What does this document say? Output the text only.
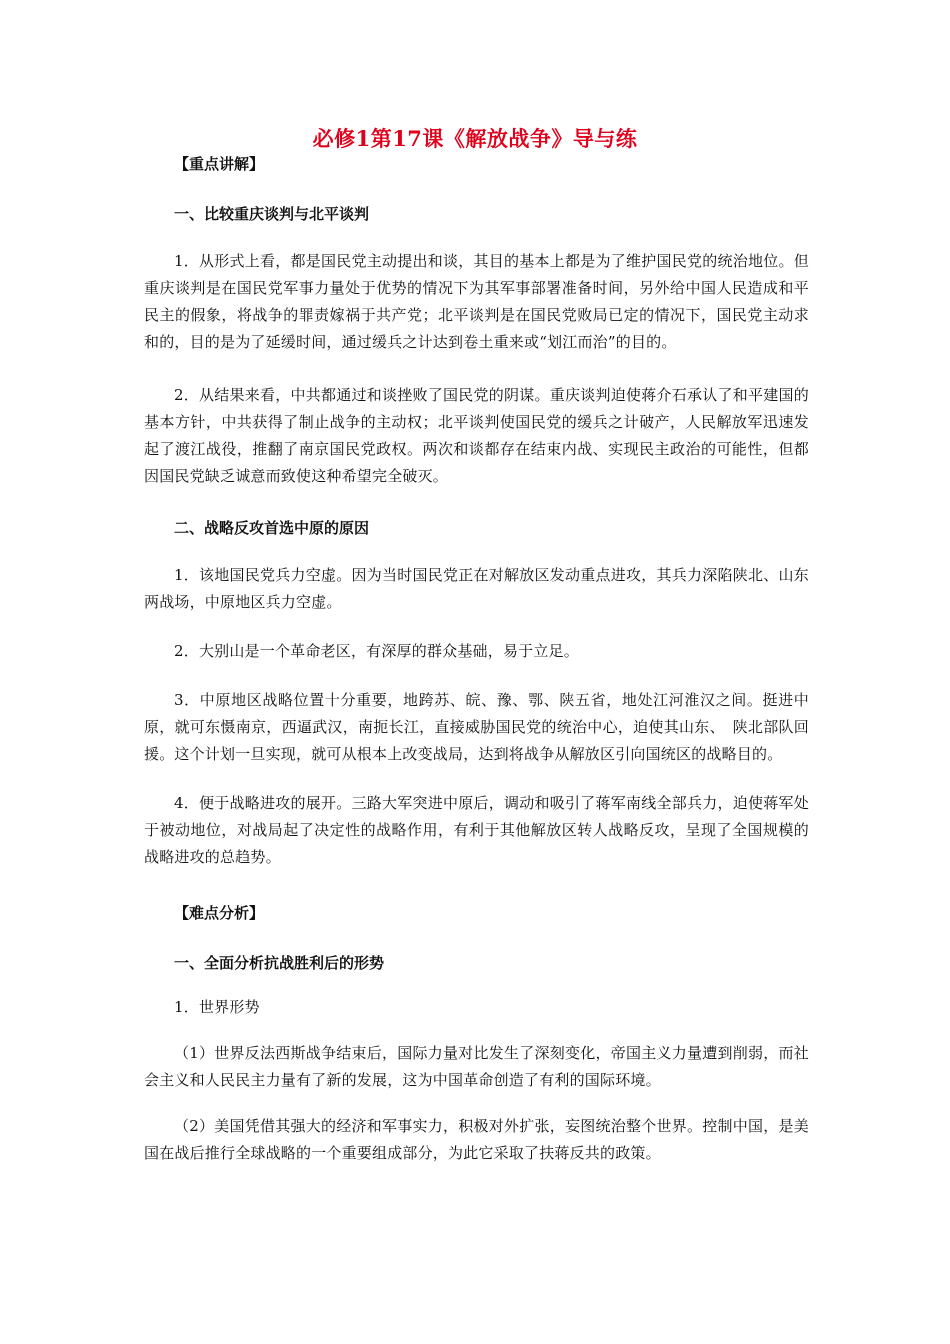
必修1第17课《解放战争》导与练

【重点讲解】

一、比较重庆谈判与北平谈判

1．从形式上看，都是国民党主动提出和谈，其目的基本上都是为了维护国民党的统治地位。但重庆谈判是在国民党军事力量处于优势的情况下为其军事部署准备时间，另外给中国人民造成和平民主的假象，将战争的罪责嫁祸于共产党；北平谈判是在国民党败局已定的情况下，国民党主动求和的，目的是为了延缓时间，通过缓兵之计达到卷土重来或“划江而治”的目的。

2．从结果来看，中共都通过和谈挫败了国民党的阴谋。重庆谈判迫使蒋介石承认了和平建国的基本方针，中共获得了制止战争的主动权；北平谈判使国民党的缓兵之计破产，人民解放军迅速发起了渡江战役，推翻了南京国民党政权。两次和谈都存在结束内战、实现民主政治的可能性，但都因国民党缺乏诚意而致使这种希望完全破灭。

二、战略反攻首选中原的原因

1．该地国民党兵力空虚。因为当时国民党正在对解放区发动重点进攻，其兵力深陷陕北、山东两战场，中原地区兵力空虚。

2．大别山是一个革命老区，有深厚的群众基础，易于立足。

3．中原地区战略位置十分重要，地跨苏、皖、豫、鄂、陕五省，地处江河淮汉之间。挺进中原，就可东慑南京，西逼武汉，南扼长江，直接威胁国民党的统治中心，迫使其山东、　陕北部队回援。这个计划一旦实现，就可从根本上改变战局，达到将战争从解放区引向国统区的战略目的。

4．便于战略进攻的展开。三路大军突进中原后，调动和吸引了蒋军南线全部兵力，迫使蒋军处于被动地位，对战局起了决定性的战略作用，有利于其他解放区转人战略反攻，呈现了全国规模的战略进攻的总趋势。

【难点分析】

一、全面分析抗战胜利后的形势

1．世界形势

（1）世界反法西斯战争结束后，国际力量对比发生了深刻变化，帝国主义力量遭到削弱，而社会主义和人民民主力量有了新的发展，这为中国革命创造了有利的国际环境。

（2）美国凭借其强大的经济和军事实力，积极对外扩张，妄图统治整个世界。控制中国，是美国在战后推行全球战略的一个重要组成部分，为此它采取了扶蒋反共的政策。
